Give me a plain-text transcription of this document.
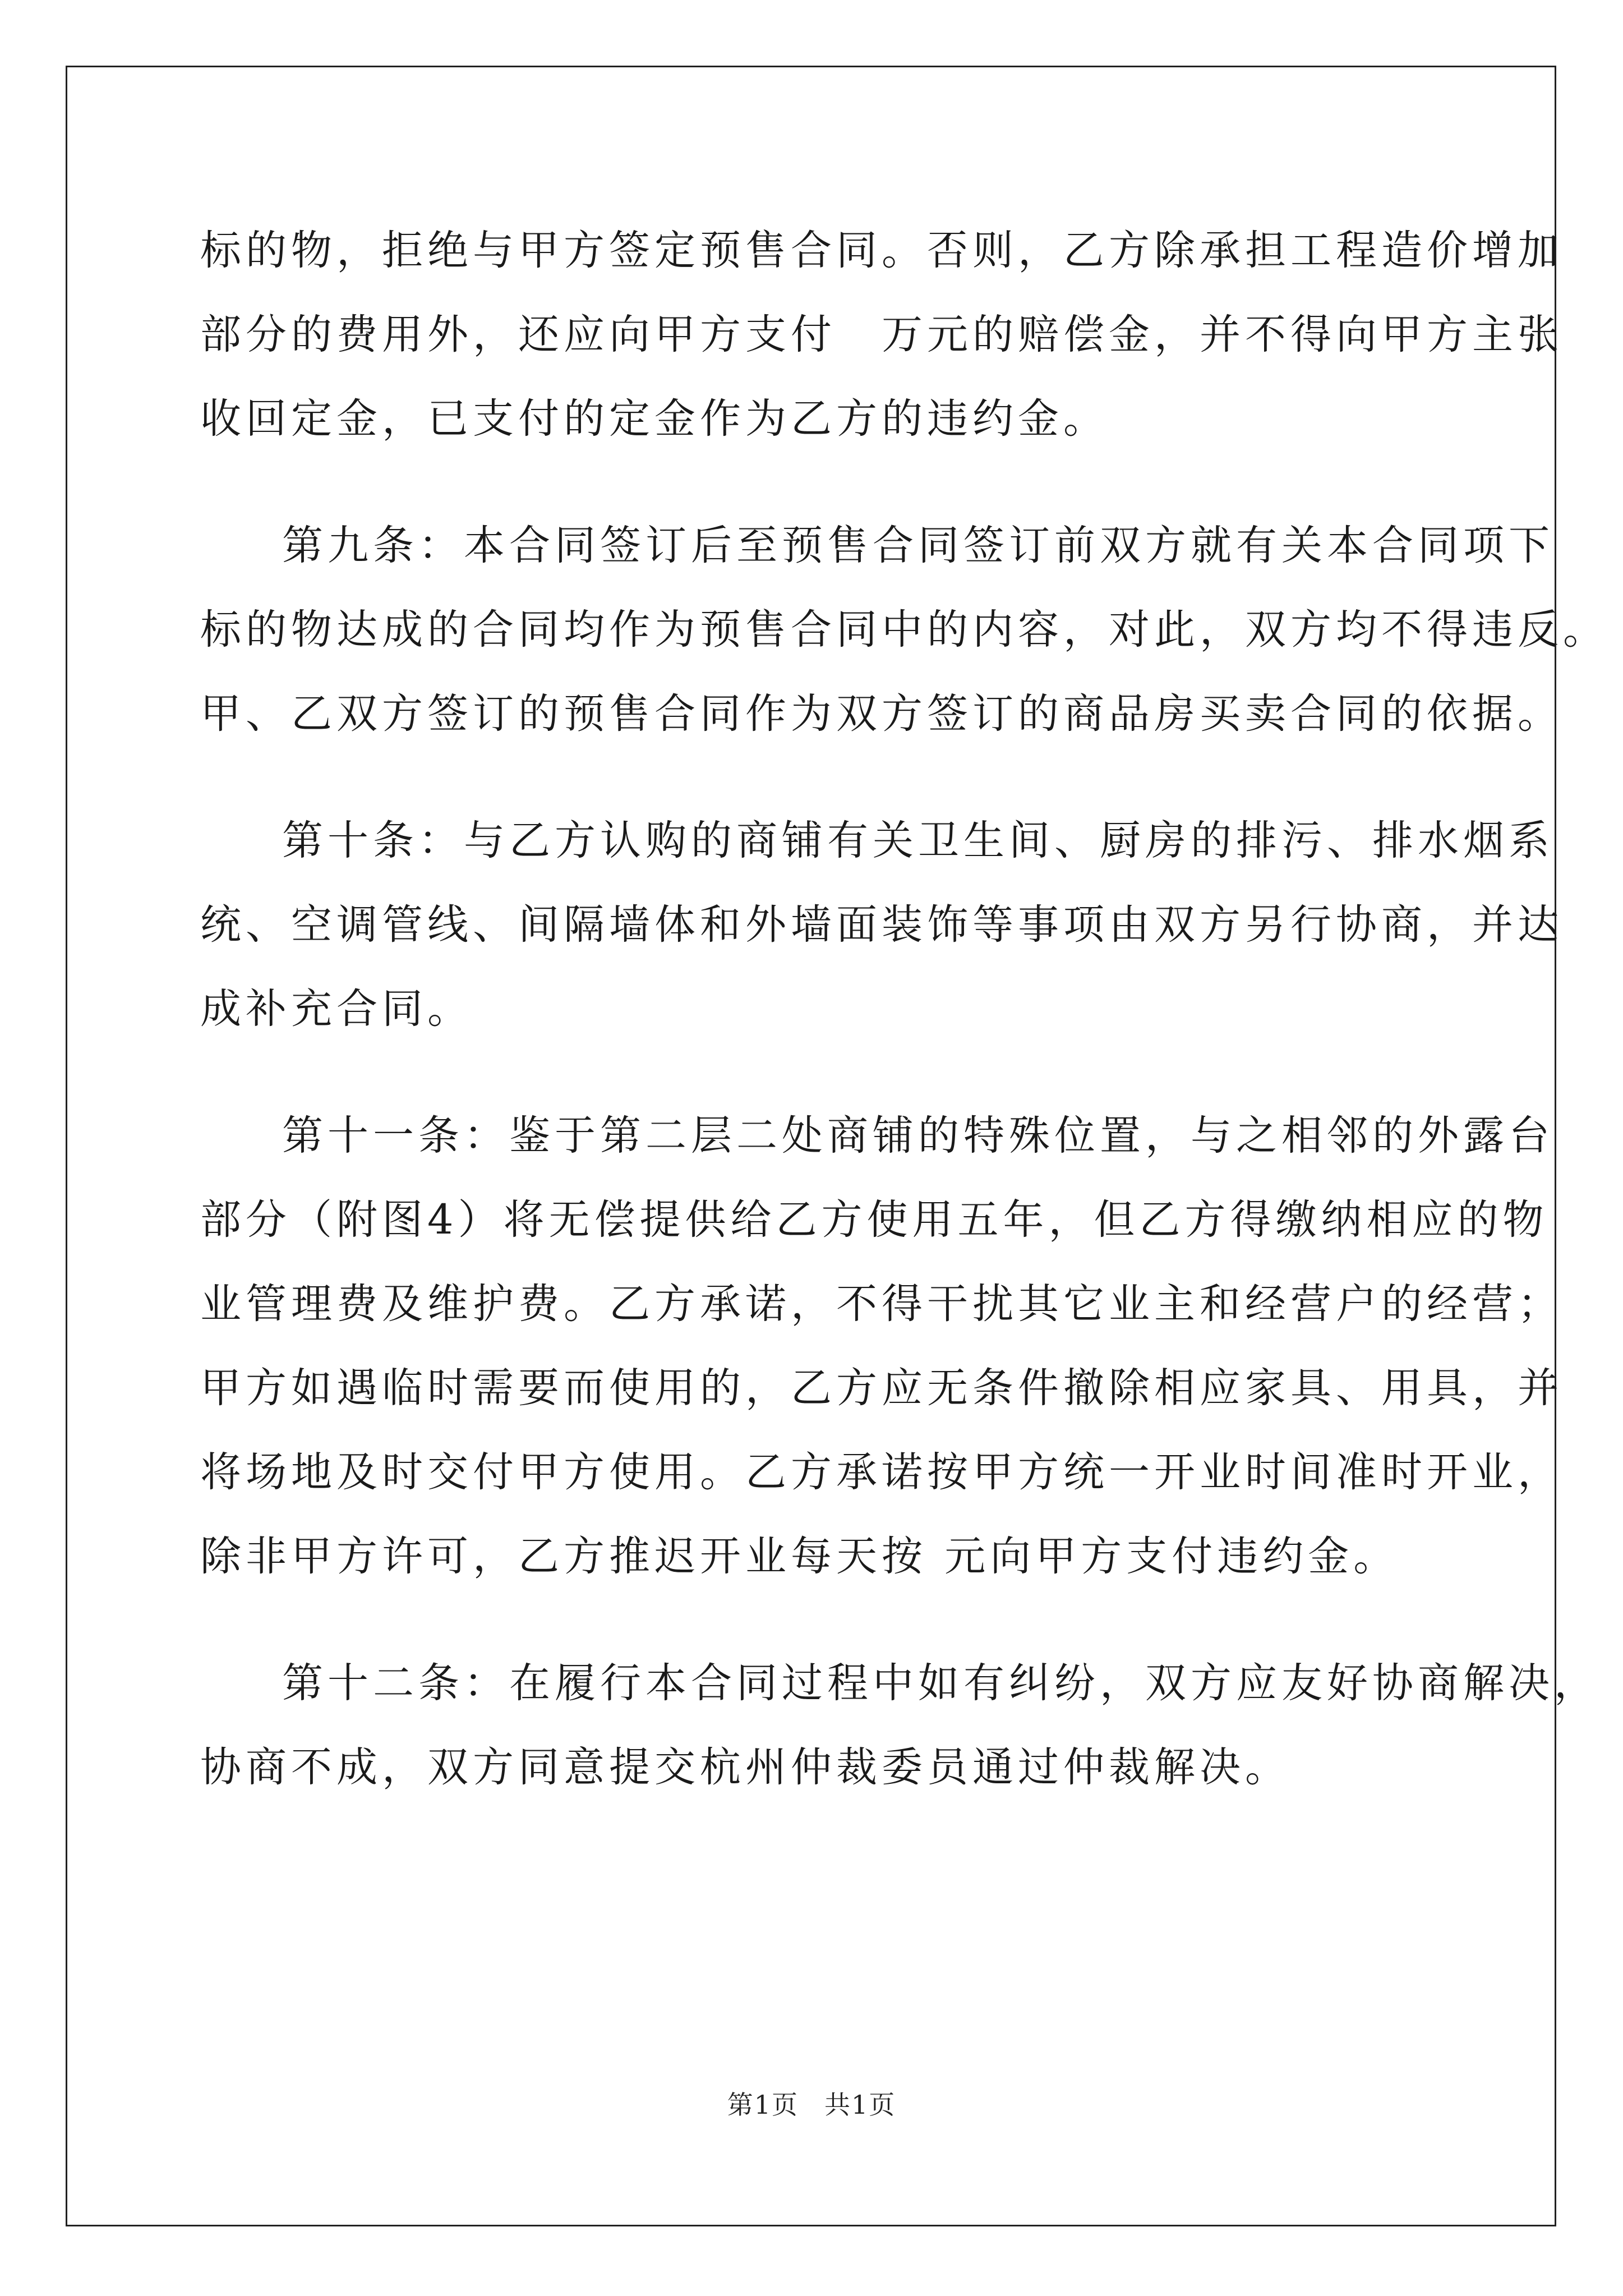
标的物，拒绝与甲方签定预售合同。否则，乙方除承担工程造价增加
部分的费用外，还应向甲方支付　万元的赔偿金，并不得向甲方主张
收回定金，已支付的定金作为乙方的违约金。

第九条：本合同签订后至预售合同签订前双方就有关本合同项下
标的物达成的合同均作为预售合同中的内容，对此，双方均不得违反。
甲、乙双方签订的预售合同作为双方签订的商品房买卖合同的依据。

第十条：与乙方认购的商铺有关卫生间、厨房的排污、排水烟系
统、空调管线、间隔墙体和外墙面装饰等事项由双方另行协商，并达
成补充合同。

第十一条：鉴于第二层二处商铺的特殊位置，与之相邻的外露台
部分（附图4）将无偿提供给乙方使用五年，但乙方得缴纳相应的物
业管理费及维护费。乙方承诺，不得干扰其它业主和经营户的经营；
甲方如遇临时需要而使用的，乙方应无条件撤除相应家具、用具，并
将场地及时交付甲方使用。乙方承诺按甲方统一开业时间准时开业，
除非甲方许可，乙方推迟开业每天按 元向甲方支付违约金。

第十二条：在履行本合同过程中如有纠纷，双方应友好协商解决，
协商不成，双方同意提交杭州仲裁委员通过仲裁解决。

第1页 共1页
